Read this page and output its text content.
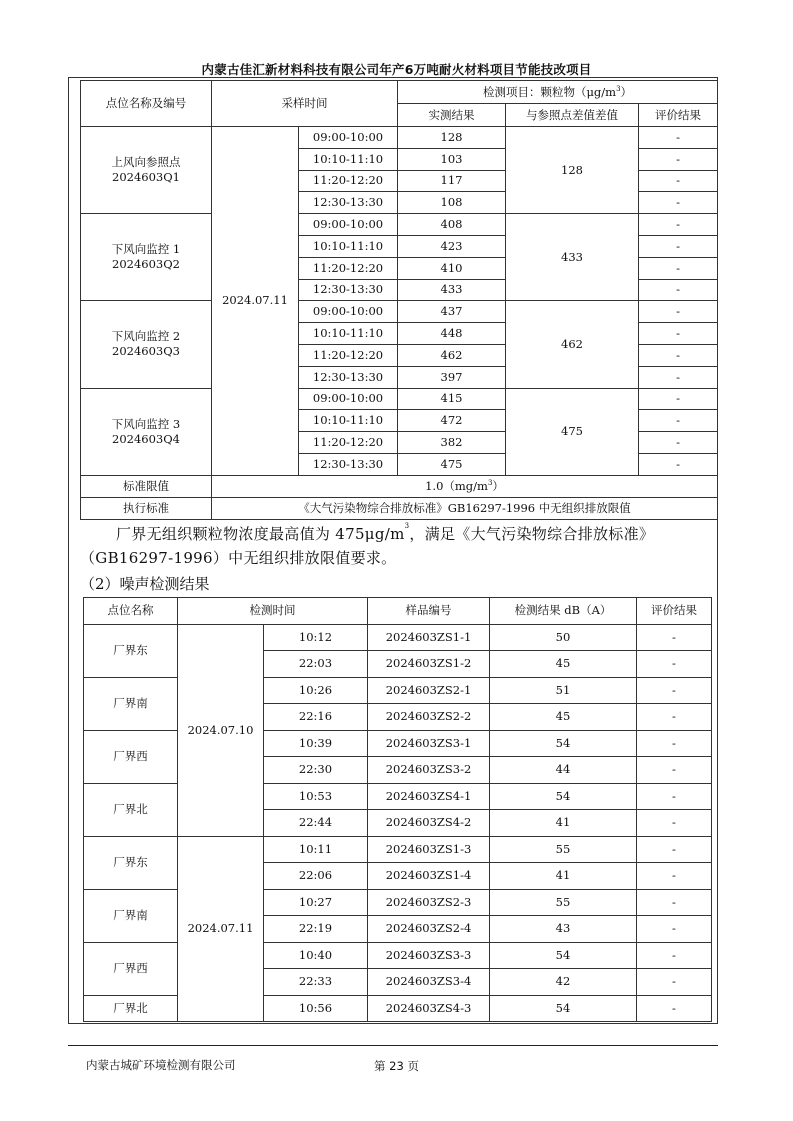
内蒙古佳汇新材料科技有限公司年产6万吨耐火材料项目节能技改项目
点位名称及编号	采样时间		检测项目：颗粒物$(\mu g/m^3)$		
			实测结果	与参照点差值差值	评价结果

上风向参照点
2024603Q1	2024.07.11	09:00-10:00	128	128	-
		10:10-11:10	103		-
		11:20-12:20	117		-
		12:30-13:30	108		-

下风向监控 1
2024603Q2		09:00-10:00	408	433	-
		10:10-11:10	423		-
		11:20-12:20	410		-
		12:30-13:30	433		-

下风向监控 2
2024603Q3		09:00-10:00	437	462	-
		10:10-11:10	448		-
		11:20-12:20	462		-
		12:30-13:30	397		-

下风向监控 3
2024603Q4		09:00-10:00	415	475	-
		10:10-11:10	472		-
		11:20-12:20	382		-
		12:30-13:30	475		-
标准限值	$1.0(mg/m^3)$				
执行标准	《大气污染物综合排放标准》GB16297-1996 中无组织排放限值				
厂界无组织颗粒物浓度最高值为 $475\mu g/m^3$，满足《大气污染物综合排放标准》（GB16297-1996）中无组织排放限值要求。
（2）噪声检测结果
点位名称	检测时间		样品编号	检测结果 dB（A）	评价结果
厂界东	2024.07.10	10:12	2024603ZS1-1	50	-
		22:03	2024603ZS1-2	45	-
厂界南		10:26	2024603ZS2-1	51	-
		22:16	2024603ZS2-2	45	-
厂界西		10:39	2024603ZS3-1	54	-
		22:30	2024603ZS3-2	44	-
厂界北		10:53	2024603ZS4-1	54	-
		22:44	2024603ZS4-2	41	-
厂界东	2024.07.11	10:11	2024603ZS1-3	55	-
		22:06	2024603ZS1-4	41	-
厂界南		10:27	2024603ZS2-3	55	-
		22:19	2024603ZS2-4	43	-
厂界西		10:40	2024603ZS3-3	54	-
		22:33	2024603ZS3-4	42	-
厂界北		10:56	2024603ZS4-3	54	-
内蒙古城矿环境检测有限公司	第 23 页
